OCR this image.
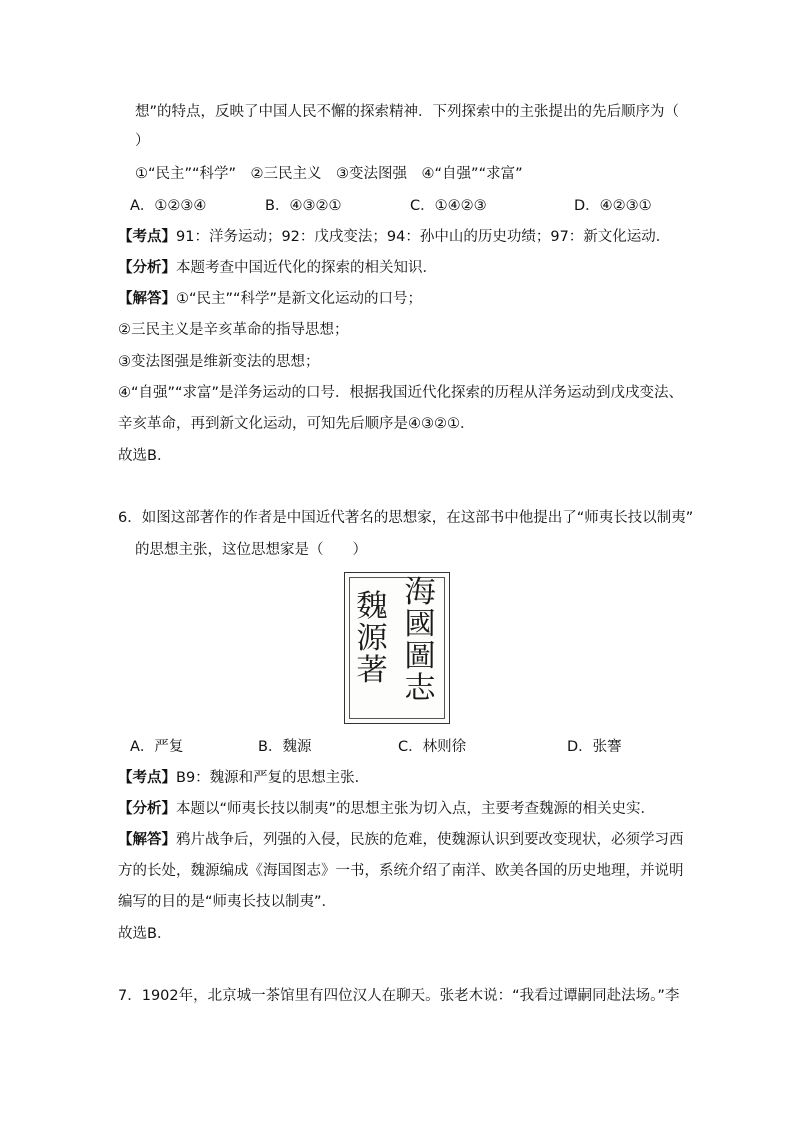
想”的特点，反映了中国人民不懈的探索精神．下列探索中的主张提出的先后顺序为（
）
①“民主”“科学”　②三民主义　③变法图强　④“自强”“求富”
A．①②③④	B．④③②①	C．①④②③	D．④②③①
【考点】91：洋务运动；92：戊戌变法；94：孙中山的历史功绩；97：新文化运动．
【分析】本题考查中国近代化的探索的相关知识．
【解答】①“民主”“科学”是新文化运动的口号；
②三民主义是辛亥革命的指导思想；
③变法图强是维新变法的思想；
④“自强”“求富”是洋务运动的口号．根据我国近代化探索的历程从洋务运动到戊戌变法、
辛亥革命，再到新文化运动，可知先后顺序是④③②①．
故选B．
6．如图这部著作的作者是中国近代著名的思想家，在这部书中他提出了“师夷长技以制夷”
的思想主张，这位思想家是（　　）
魏
源
著
海
國
圖
志
A．严复	B．魏源	C．林则徐	D．张謇
【考点】B9：魏源和严复的思想主张．
【分析】本题以“师夷长技以制夷”的思想主张为切入点，主要考查魏源的相关史实．
【解答】鸦片战争后，列强的入侵，民族的危难，使魏源认识到要改变现状，必须学习西
方的长处，魏源编成《海国图志》一书，系统介绍了南洋、欧美各国的历史地理，并说明
编写的目的是“师夷长技以制夷”．
故选B．
7．1902年，北京城一茶馆里有四位汉人在聊天。张老木说：“我看过谭嗣同赴法场。”李
